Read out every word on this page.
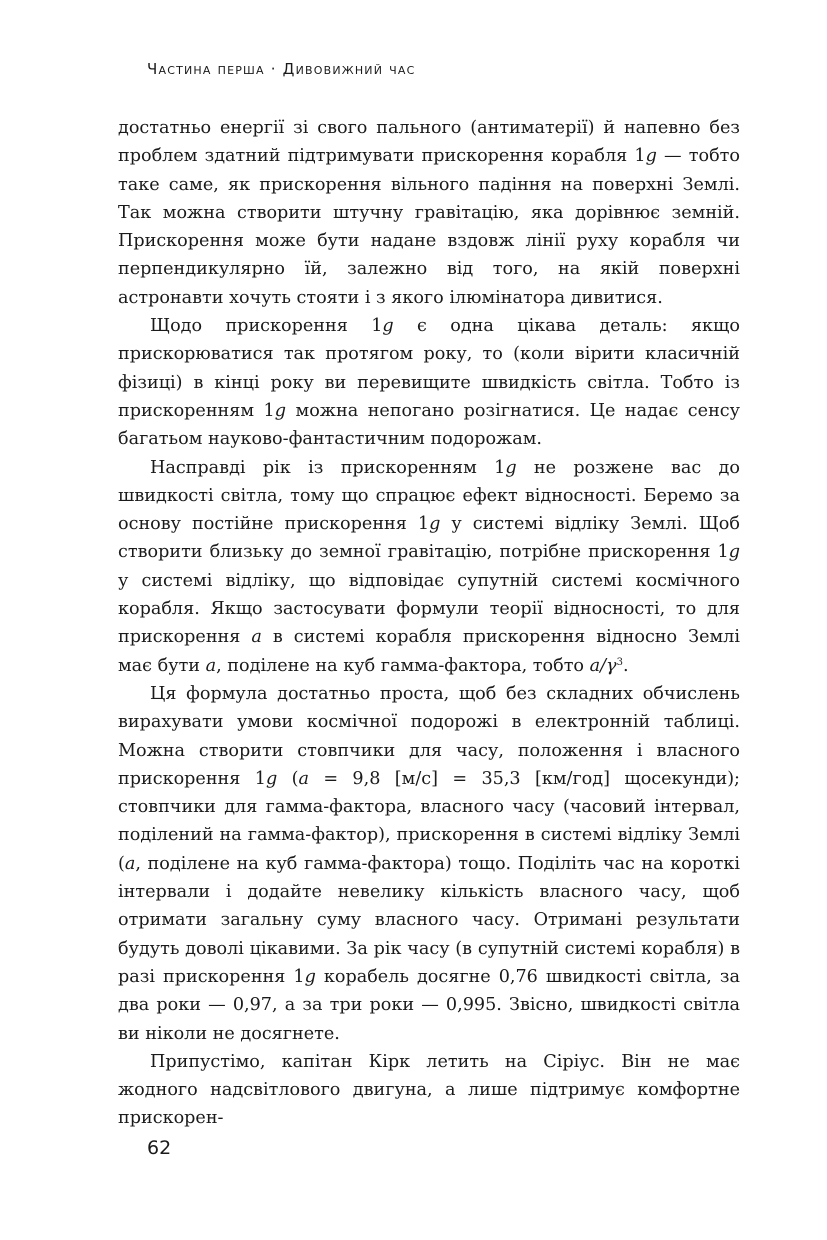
Частина перша · Дивовижний час

достатньо енергії зі свого пального (антиматерії) й напевно без проблем здатний підтримувати прискорення корабля 1g — тобто таке саме, як прискорення вільного падіння на поверхні Землі. Так можна створити штучну гравітацію, яка дорівнює земній. Прискорення може бути надане вздовж лінії руху корабля чи перпендикулярно їй, залежно від того, на якій поверхні астронавти хочуть стояти і з якого ілюмінатора дивитися.

Щодо прискорення 1g є одна цікава деталь: якщо прискорюватися так протягом року, то (коли вірити класичній фізиці) в кінці року ви перевищите швидкість світла. Тобто із прискоренням 1g можна непогано розігнатися. Це надає сенсу багатьом науково-фантастичним подорожам.

Насправді рік із прискоренням 1g не розжене вас до швидкості світла, тому що спрацює ефект відносності. Беремо за основу постійне прискорення 1g у системі відліку Землі. Щоб створити близьку до земної гравітацію, потрібне прискорення 1g у системі відліку, що відповідає супутній системі космічного корабля. Якщо застосувати формули теорії відносності, то для прискорення a в системі корабля прискорення відносно Землі має бути a, поділене на куб гамма-фактора, тобто $a/\gamma^3$.

Ця формула достатньо проста, щоб без складних обчислень вирахувати умови космічної подорожі в електронній таблиці. Можна створити стовпчики для часу, положення і власного прискорення 1g (a = 9,8 [м/с] = 35,3 [км/год] щосекунди); стовпчики для гамма-фактора, власного часу (часовий інтервал, поділений на гамма-фактор), прискорення в системі відліку Землі (a, поділене на куб гамма-фактора) тощо. Поділіть час на короткі інтервали і додайте невелику кількість власного часу, щоб отримати загальну суму власного часу. Отримані результати будуть доволі цікавими. За рік часу (в супутній системі корабля) в разі прискорення 1g корабель досягне 0,76 швидкості світла, за два роки — 0,97, а за три роки — 0,995. Звісно, швидкості світла ви ніколи не досягнете.

Припустімо, капітан Кірк летить на Сіріус. Він не має жодного надсвітлового двигуна, а лише підтримує комфортне прискорен-

62
